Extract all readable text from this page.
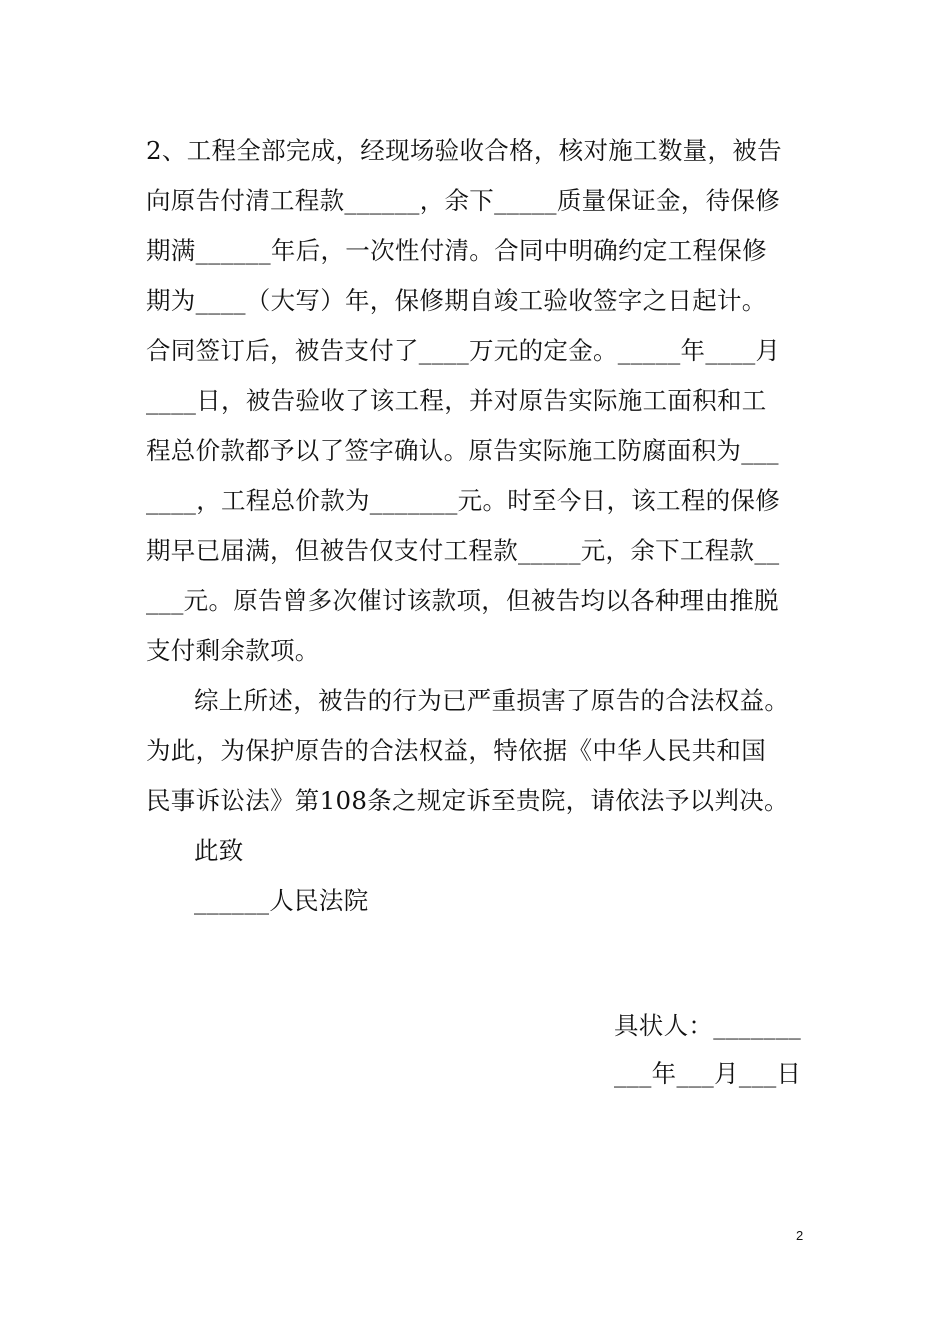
2、工程全部完成，经现场验收合格，核对施工数量，被告
向原告付清工程款______，余下_____质量保证金，待保修
期满______年后，一次性付清。合同中明确约定工程保修
期为____（大写）年，保修期自竣工验收签字之日起计。
合同签订后，被告支付了____万元的定金。_____年____月
____日，被告验收了该工程，并对原告实际施工面积和工
程总价款都予以了签字确认。原告实际施工防腐面积为___
____，工程总价款为_______元。时至今日，该工程的保修
期早已届满，但被告仅支付工程款_____元，余下工程款__
___元。原告曾多次催讨该款项，但被告均以各种理由推脱
支付剩余款项。
综上所述，被告的行为已严重损害了原告的合法权益。
为此，为保护原告的合法权益，特依据《中华人民共和国
民事诉讼法》第108条之规定诉至贵院，请依法予以判决。
此致
______人民法院
具状人：_______
___年___月___日
2
